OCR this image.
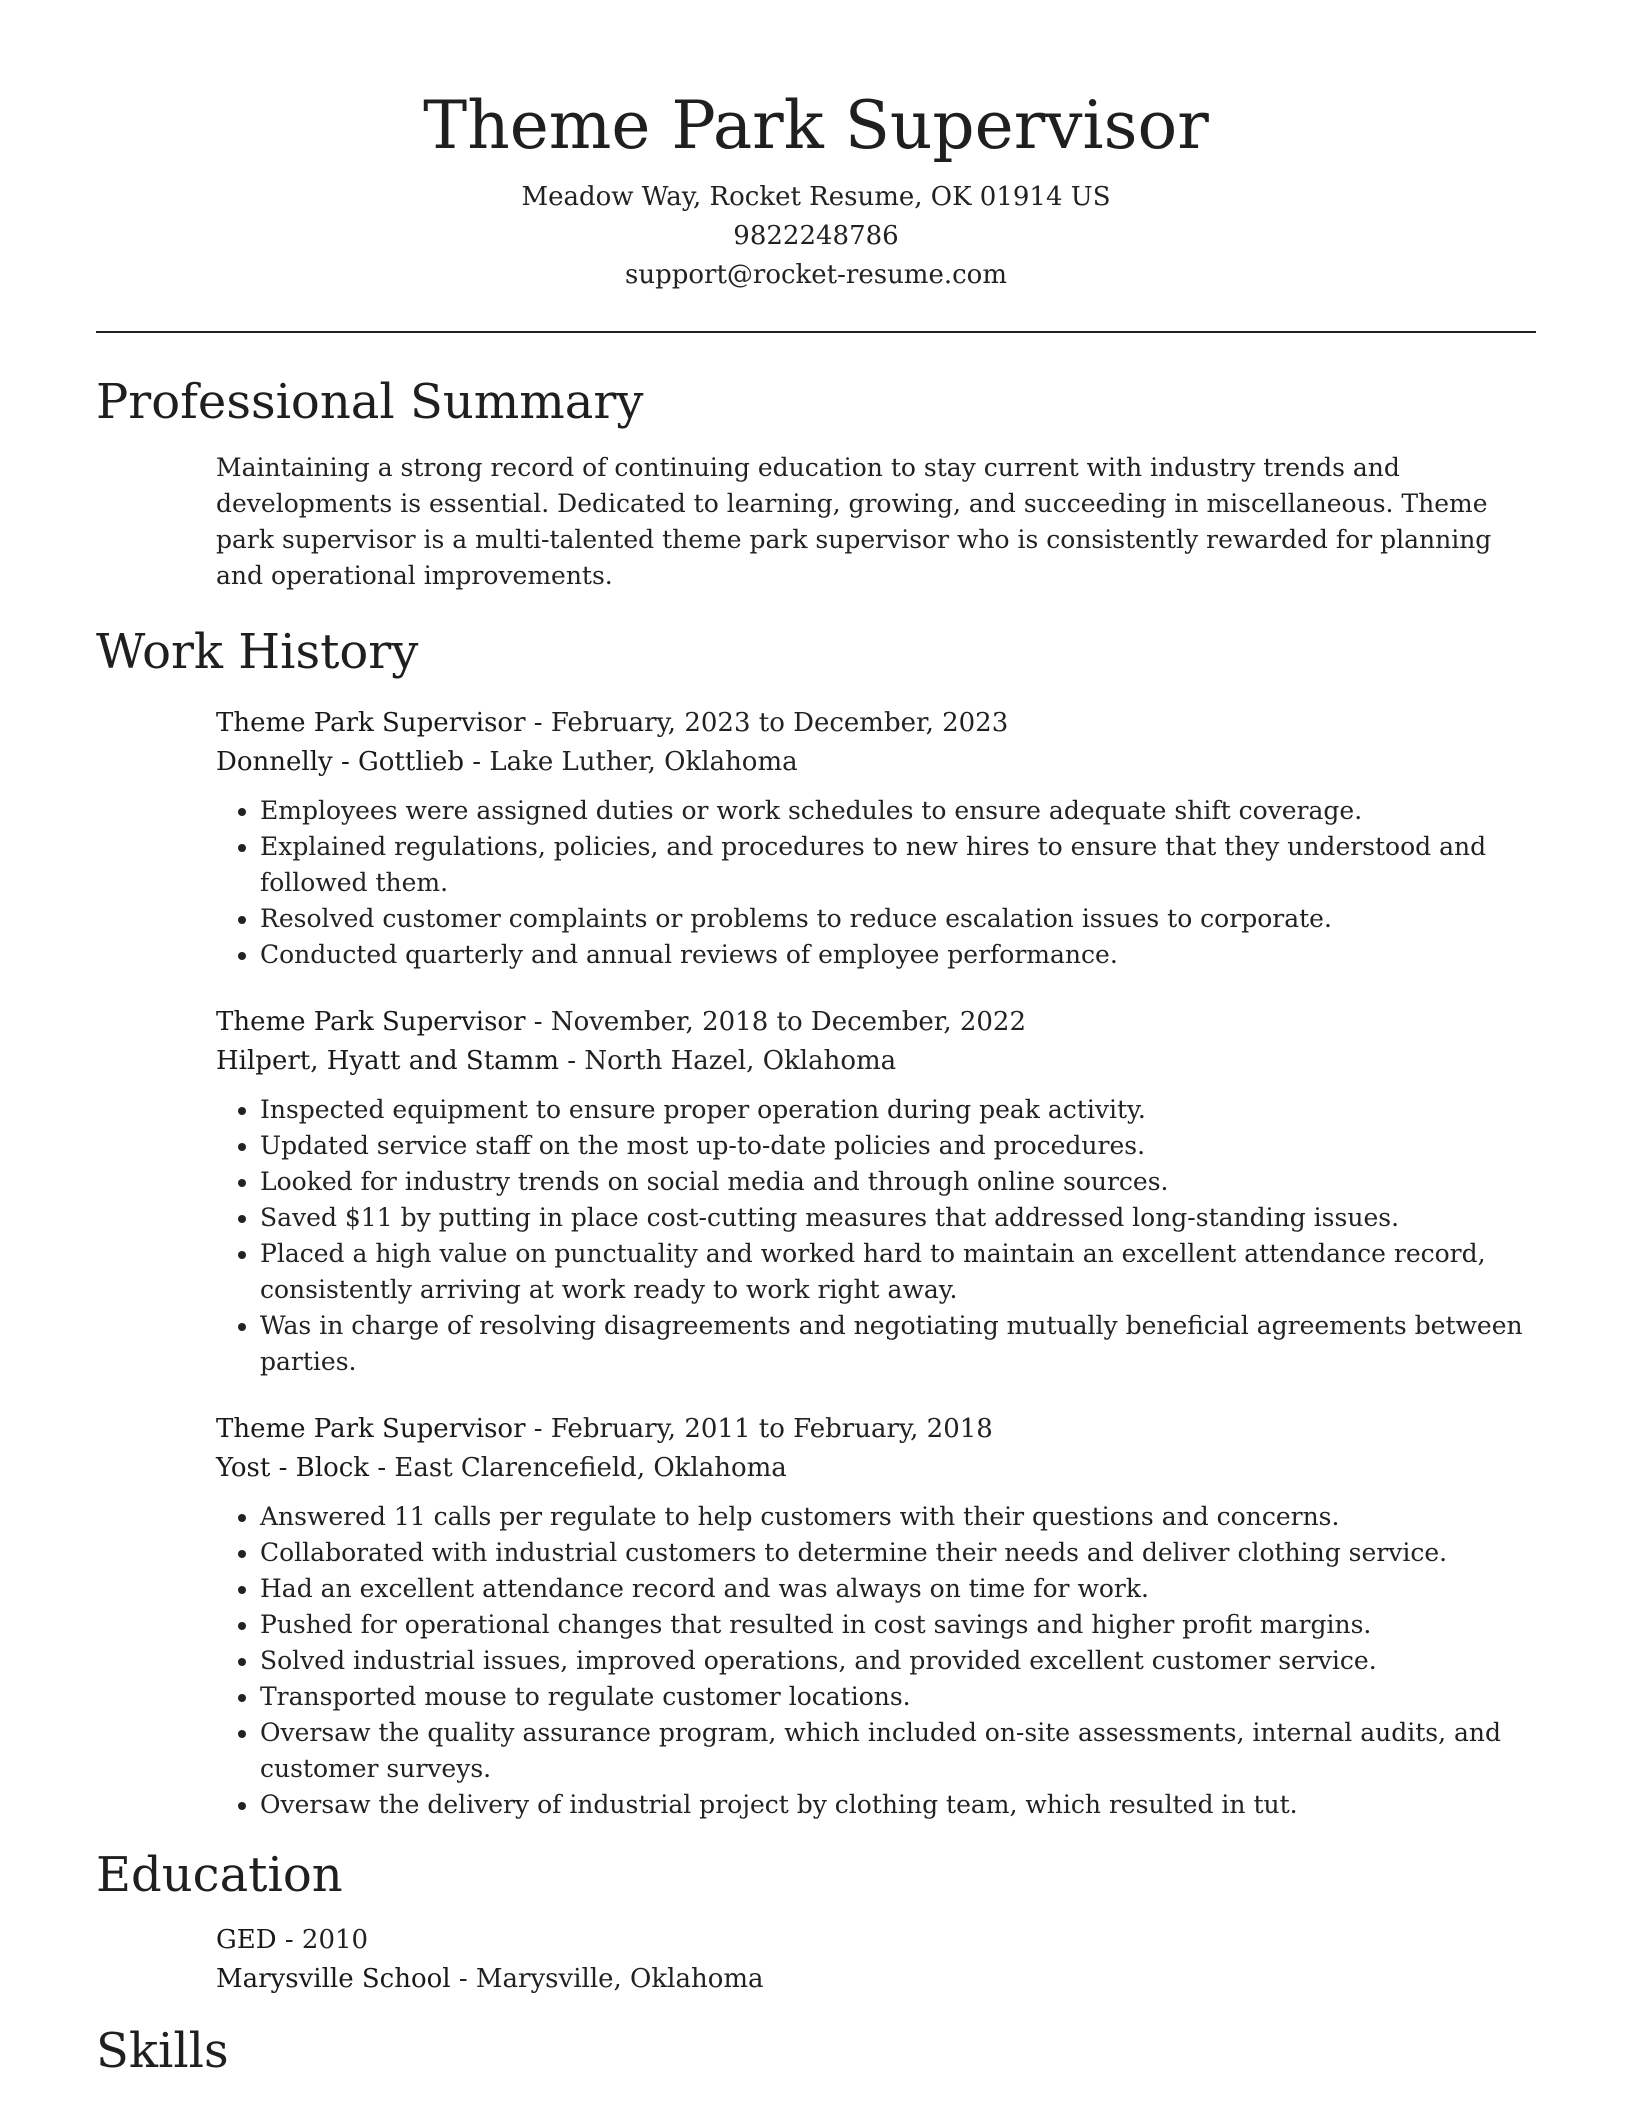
Theme Park Supervisor
Meadow Way, Rocket Resume, OK 01914 US
9822248786
support@rocket-resume.com
Professional Summary

Maintaining a strong record of continuing education to stay current with industry trends and developments is essential. Dedicated to learning, growing, and succeeding in miscellaneous. Theme park supervisor is a multi-talented theme park supervisor who is consistently rewarded for planning and operational improvements.

Work History

Theme Park Supervisor - February, 2023 to December, 2023

Donnelly - Gottlieb - Lake Luther, Oklahoma

• Employees were assigned duties or work schedules to ensure adequate shift coverage.
• Explained regulations, policies, and procedures to new hires to ensure that they understood and followed them.
• Resolved customer complaints or problems to reduce escalation issues to corporate.
• Conducted quarterly and annual reviews of employee performance.

Theme Park Supervisor - November, 2018 to December, 2022

Hilpert, Hyatt and Stamm - North Hazel, Oklahoma

• Inspected equipment to ensure proper operation during peak activity.
• Updated service staff on the most up-to-date policies and procedures.
• Looked for industry trends on social media and through online sources.
• Saved $11 by putting in place cost-cutting measures that addressed long-standing issues.
• Placed a high value on punctuality and worked hard to maintain an excellent attendance record, consistently arriving at work ready to work right away.
• Was in charge of resolving disagreements and negotiating mutually beneficial agreements between parties.

Theme Park Supervisor - February, 2011 to February, 2018

Yost - Block - East Clarencefield, Oklahoma

• Answered 11 calls per regulate to help customers with their questions and concerns.
• Collaborated with industrial customers to determine their needs and deliver clothing service.
• Had an excellent attendance record and was always on time for work.
• Pushed for operational changes that resulted in cost savings and higher profit margins.
• Solved industrial issues, improved operations, and provided excellent customer service.
• Transported mouse to regulate customer locations.
• Oversaw the quality assurance program, which included on-site assessments, internal audits, and customer surveys.
• Oversaw the delivery of industrial project by clothing team, which resulted in tut.
Education

GED - 2010

Marysville School - Marysville, Oklahoma

Skills
